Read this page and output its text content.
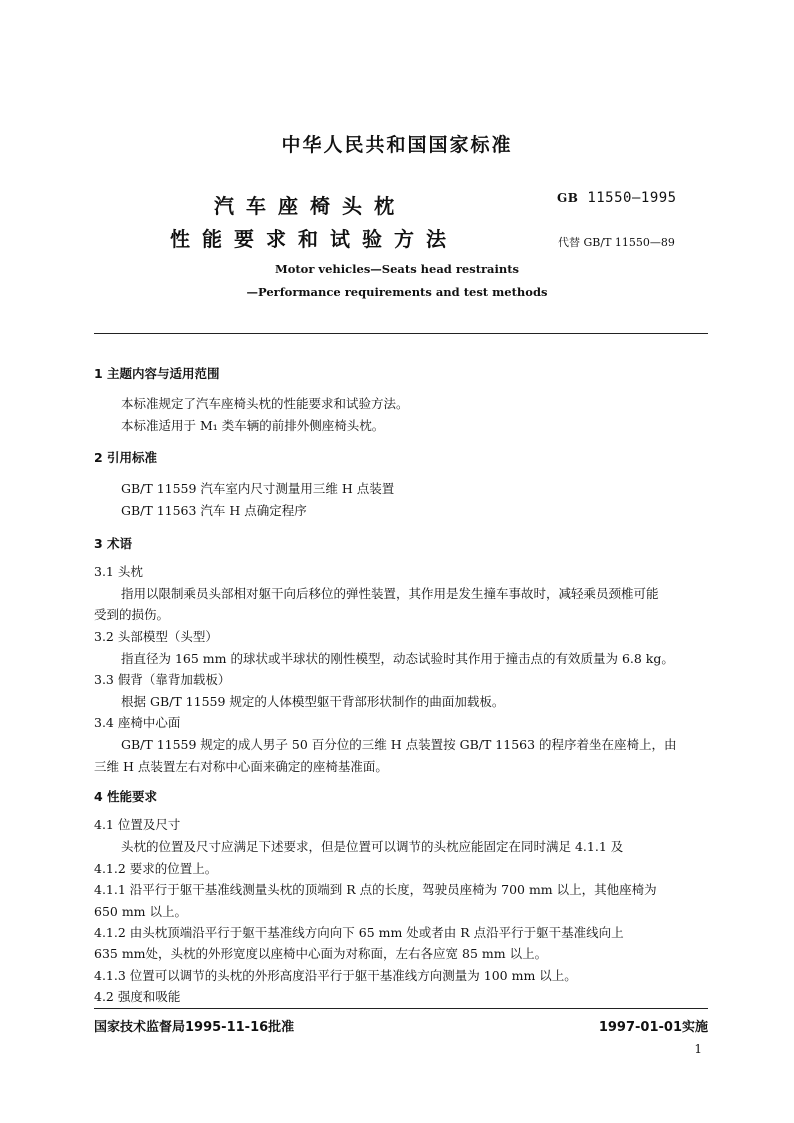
中华人民共和国国家标准
汽车座椅头枕
性能要求和试验方法
GB 11550—1995
代替 GB/T 11550—89
Motor vehicles—Seats head restraints
—Performance requirements and test methods
1 主题内容与适用范围
本标准规定了汽车座椅头枕的性能要求和试验方法。
本标准适用于 M₁ 类车辆的前排外侧座椅头枕。
2 引用标准
GB/T 11559 汽车室内尺寸测量用三维 H 点装置
GB/T 11563 汽车 H 点确定程序
3 术语
3.1 头枕
指用以限制乘员头部相对躯干向后移位的弹性装置，其作用是发生撞车事故时，减轻乘员颈椎可能
受到的损伤。
3.2 头部模型（头型）
指直径为 165 mm 的球状或半球状的刚性模型，动态试验时其作用于撞击点的有效质量为 6.8 kg。
3.3 假背（靠背加载板）
根据 GB/T 11559 规定的人体模型躯干背部形状制作的曲面加载板。
3.4 座椅中心面
GB/T 11559 规定的成人男子 50 百分位的三维 H 点装置按 GB/T 11563 的程序着坐在座椅上，由
三维 H 点装置左右对称中心面来确定的座椅基准面。
4 性能要求
4.1 位置及尺寸
头枕的位置及尺寸应满足下述要求，但是位置可以调节的头枕应能固定在同时满足 4.1.1 及
4.1.2 要求的位置上。
4.1.1 沿平行于躯干基准线测量头枕的顶端到 R 点的长度，驾驶员座椅为 700 mm 以上，其他座椅为
650 mm 以上。
4.1.2 由头枕顶端沿平行于躯干基准线方向向下 65 mm 处或者由 R 点沿平行于躯干基准线向上
635 mm处，头枕的外形宽度以座椅中心面为对称面，左右各应宽 85 mm 以上。
4.1.3 位置可以调节的头枕的外形高度沿平行于躯干基准线方向测量为 100 mm 以上。
4.2 强度和吸能
国家技术监督局1995-11-16批准	1997-01-01实施
1
